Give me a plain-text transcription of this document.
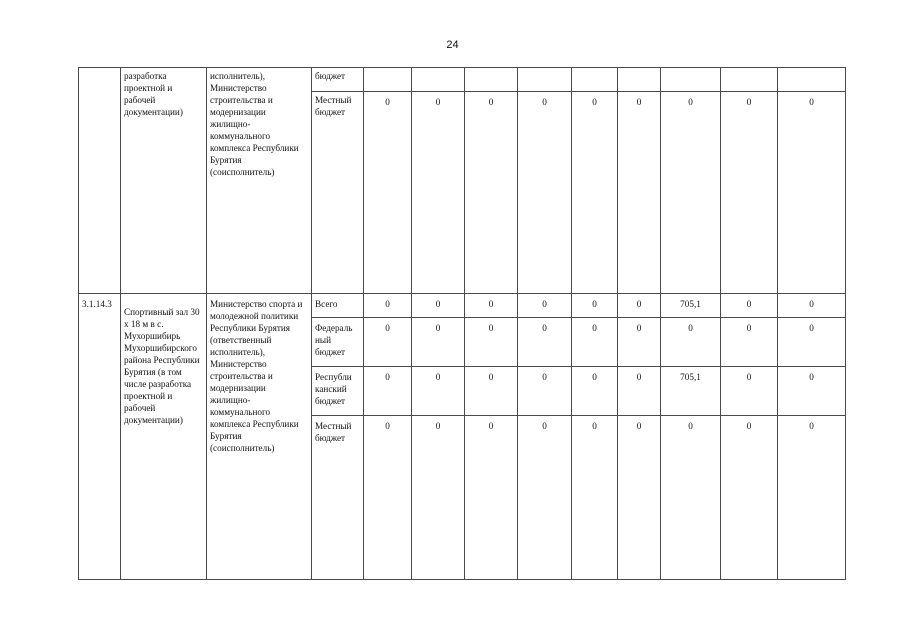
24
	разработка проектной и рабочей документации)	исполнитель), Министерство строительства и модернизации жилищно-коммунального комплекса Республики Бурятия (соисполнитель)	бюджет									
			Местный бюджет	0	0	0	0	0	0	0	0	0
3.1.14.3	Спортивный зал 30 х 18 м в с. Мухоршибирь Мухоршибирского района Республики Бурятия (в том числе разработка проектной и рабочей документации)	Министерство спорта и молодежной политики Республики Бурятия (ответственный исполнитель), Министерство строительства и модернизации жилищно-коммунального комплекса Республики Бурятия (соисполнитель)	Всего	0	0	0	0	0	0	705,1	0	0
			Федераль ный бюджет	0	0	0	0	0	0	0	0	0
			Республи канский бюджет	0	0	0	0	0	0	705,1	0	0
			Местный бюджет	0	0	0	0	0	0	0	0	0
